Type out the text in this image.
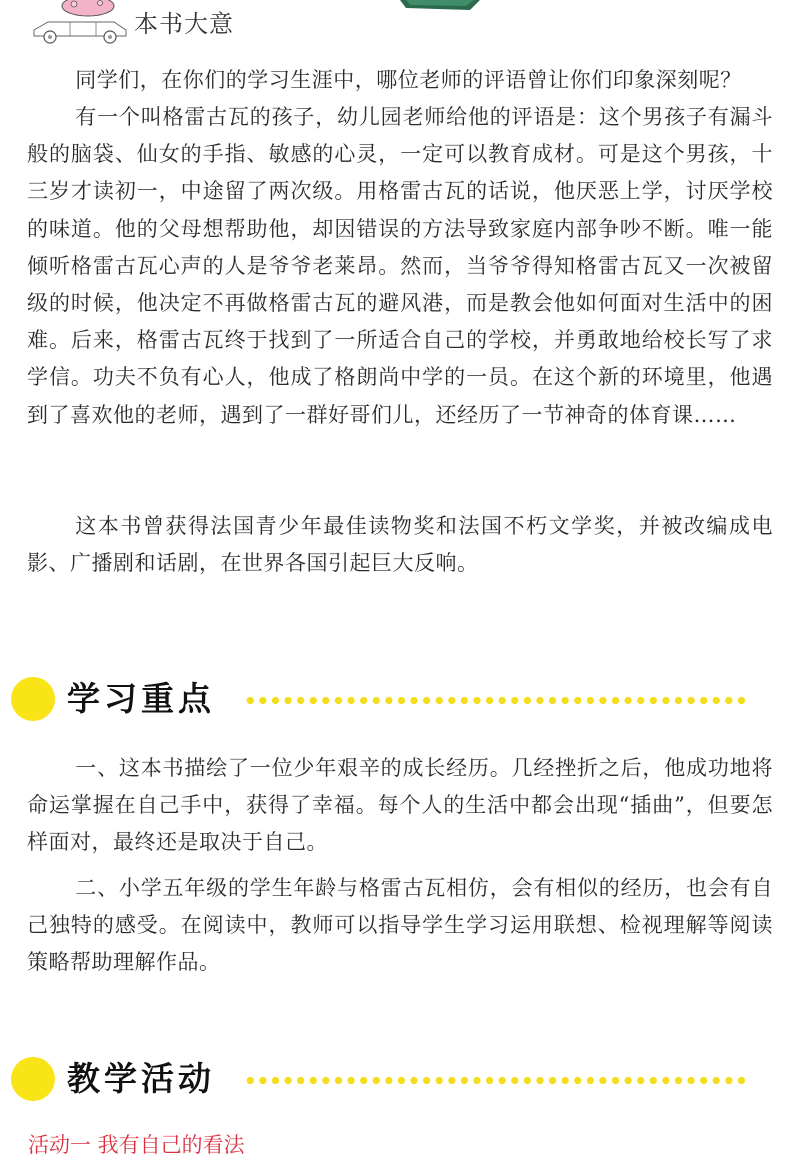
本书大意

同学们，在你们的学习生涯中，哪位老师的评语曾让你们印象深刻呢？

有一个叫格雷古瓦的孩子，幼儿园老师给他的评语是：这个男孩子有漏斗般的脑袋、仙女的手指、敏感的心灵，一定可以教育成材。可是这个男孩，十三岁才读初一，中途留了两次级。用格雷古瓦的话说，他厌恶上学，讨厌学校的味道。他的父母想帮助他，却因错误的方法导致家庭内部争吵不断。唯一能倾听格雷古瓦心声的人是爷爷老莱昂。然而，当爷爷得知格雷古瓦又一次被留级的时候，他决定不再做格雷古瓦的避风港，而是教会他如何面对生活中的困难。后来，格雷古瓦终于找到了一所适合自己的学校，并勇敢地给校长写了求学信。功夫不负有心人，他成了格朗尚中学的一员。在这个新的环境里，他遇到了喜欢他的老师，遇到了一群好哥们儿，还经历了一节神奇的体育课……

这本书曾获得法国青少年最佳读物奖和法国不朽文学奖，并被改编成电影、广播剧和话剧，在世界各国引起巨大反响。

学习重点

一、这本书描绘了一位少年艰辛的成长经历。几经挫折之后，他成功地将命运掌握在自己手中，获得了幸福。每个人的生活中都会出现“插曲”，但要怎样面对，最终还是取决于自己。

二、小学五年级的学生年龄与格雷古瓦相仿，会有相似的经历，也会有自己独特的感受。在阅读中，教师可以指导学生学习运用联想、检视理解等阅读策略帮助理解作品。

教学活动
活动一 我有自己的看法
